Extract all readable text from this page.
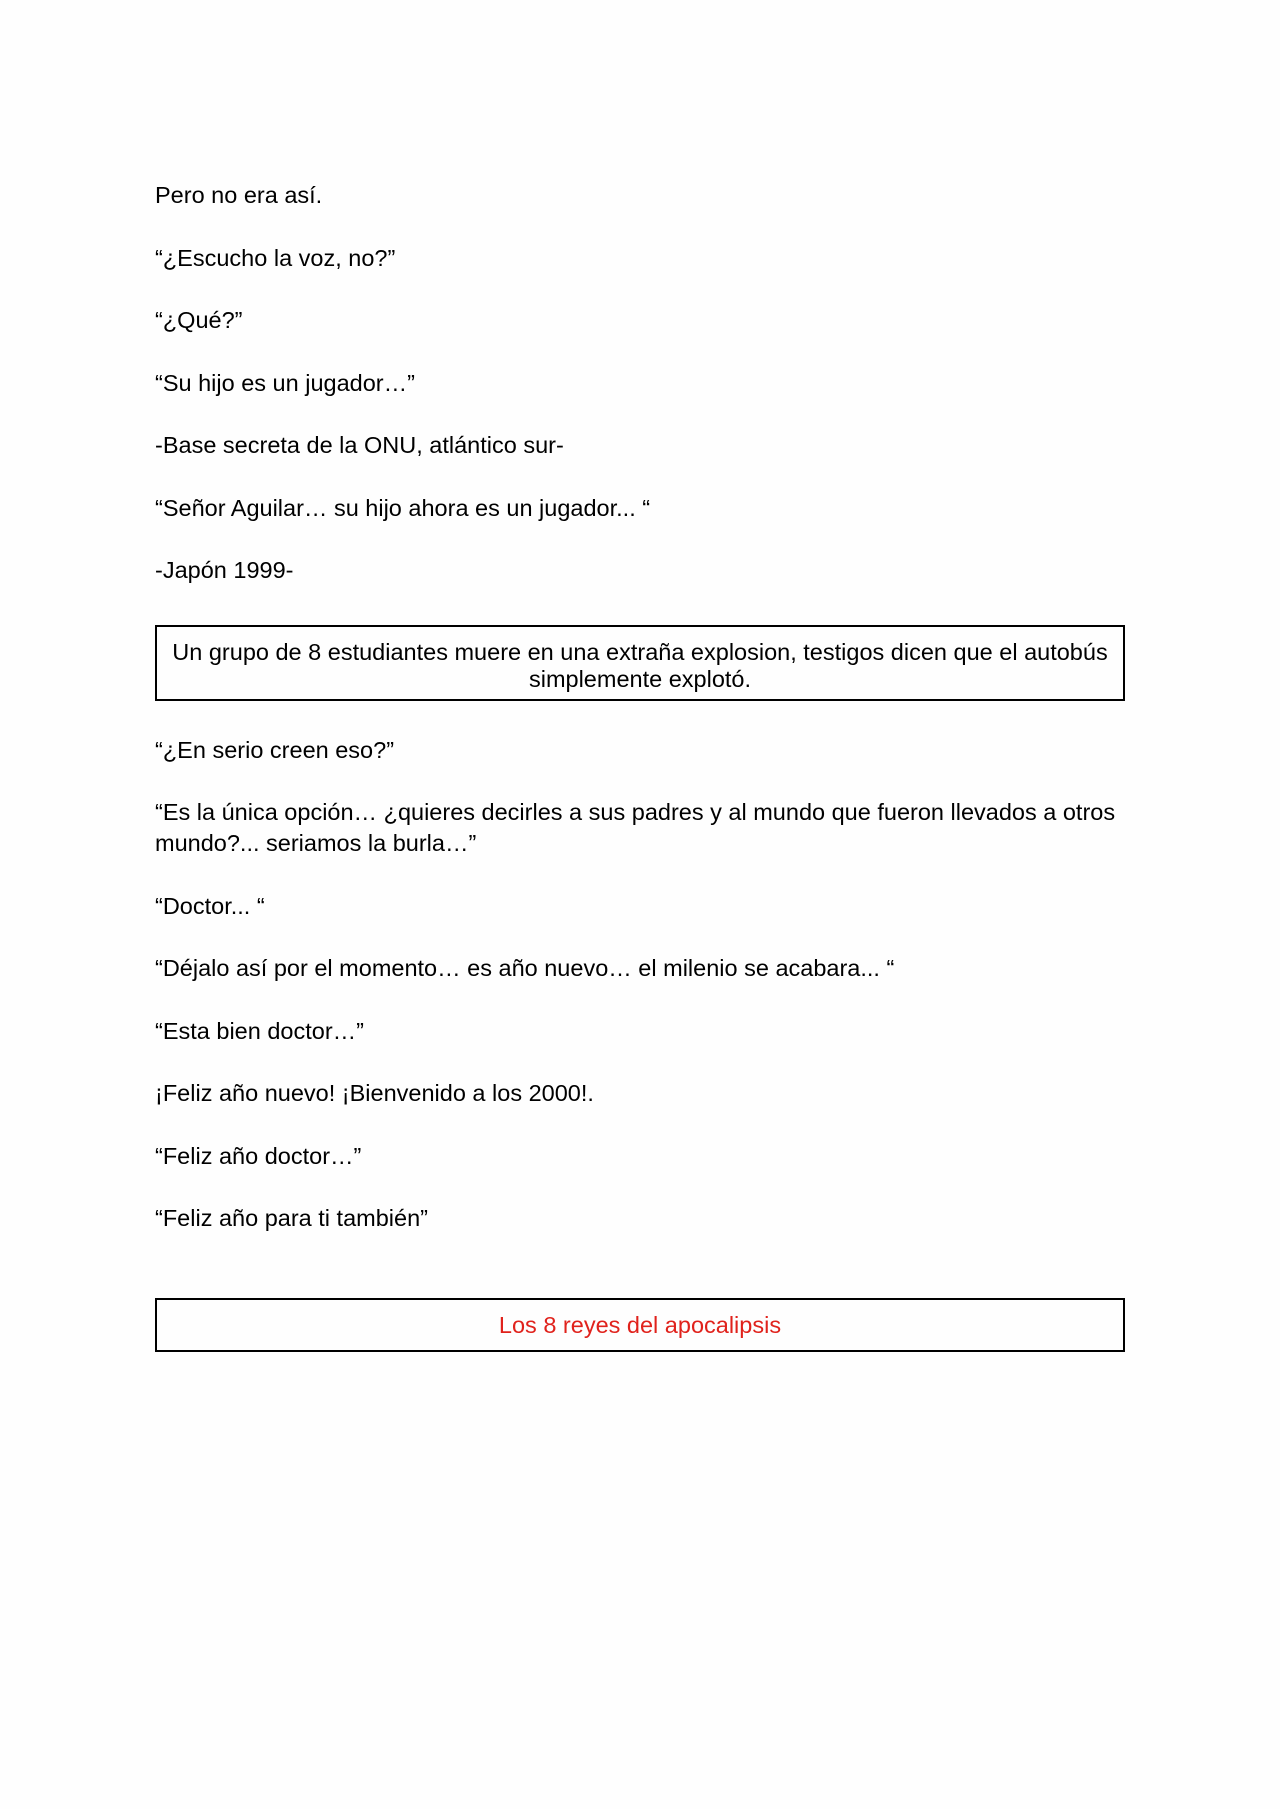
Pero no era así.

“¿Escucho la voz, no?”

“¿Qué?”

“Su hijo es un jugador…”

-Base secreta de la ONU, atlántico sur-

“Señor Aguilar… su hijo ahora es un jugador... “

-Japón 1999-

Un grupo de 8 estudiantes muere en una extraña explosion, testigos dicen que el autobús simplemente explotó.

“¿En serio creen eso?”

“Es la única opción… ¿quieres decirles a sus padres y al mundo que fueron llevados a otros mundo?... seriamos la burla…”

“Doctor... “

“Déjalo así por el momento… es año nuevo… el milenio se acabara... “

“Esta bien doctor…”

¡Feliz año nuevo! ¡Bienvenido a los 2000!.

“Feliz año doctor…”

“Feliz año para ti también”

Los 8 reyes del apocalipsis
